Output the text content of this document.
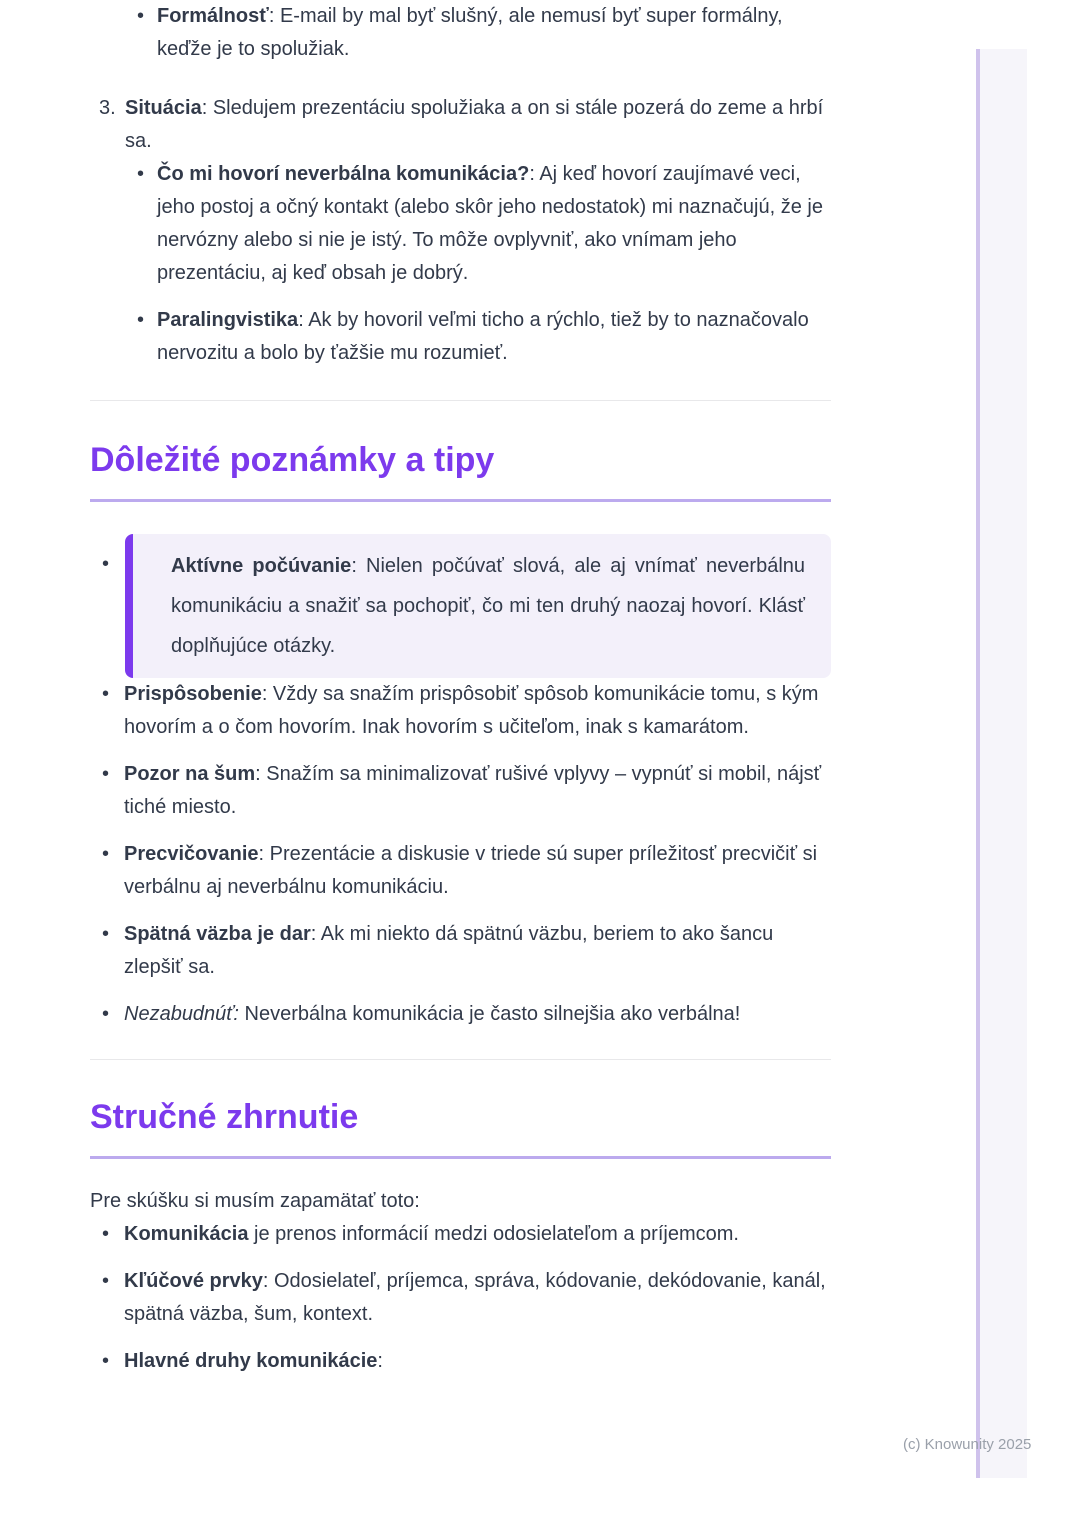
• Formálnosť: E-mail by mal byť slušný, ale nemusí byť super formálny, keďže je to spolužiak.
3. Situácia: Sledujem prezentáciu spolužiaka a on si stále pozerá do zeme a hrbí sa.
• Čo mi hovorí neverbálna komunikácia?: Aj keď hovorí zaujímavé veci, jeho postoj a očný kontakt (alebo skôr jeho nedostatok) mi naznačujú, že je nervózny alebo si nie je istý. To môže ovplyvniť, ako vnímam jeho prezentáciu, aj keď obsah je dobrý.
• Paralingvistika: Ak by hovoril veľmi ticho a rýchlo, tiež by to naznačovalo nervozitu a bolo by ťažšie mu rozumieť.
Dôležité poznámky a tipy
•	Aktívne počúvanie: Nielen počúvať slová, ale aj vnímať neverbálnu komunikáciu a snažiť sa pochopiť, čo mi ten druhý naozaj hovorí. Klásť doplňujúce otázky.
• Prispôsobenie: Vždy sa snažím prispôsobiť spôsob komunikácie tomu, s kým hovorím a o čom hovorím. Inak hovorím s učiteľom, inak s kamarátom.
• Pozor na šum: Snažím sa minimalizovať rušivé vplyvy – vypnúť si mobil, nájsť tiché miesto.
• Precvičovanie: Prezentácie a diskusie v triede sú super príležitosť precvičiť si verbálnu aj neverbálnu komunikáciu.
• Spätná väzba je dar: Ak mi niekto dá spätnú väzbu, beriem to ako šancu zlepšiť sa.
• Nezabudnúť: Neverbálna komunikácia je často silnejšia ako verbálna!
Stručné zhrnutie

Pre skúšku si musím zapamätať toto:

• Komunikácia je prenos informácií medzi odosielateľom a príjemcom.
• Kľúčové prvky: Odosielateľ, príjemca, správa, kódovanie, dekódovanie, kanál, spätná väzba, šum, kontext.
• Hlavné druhy komunikácie:
(c) Knowunity 2025
